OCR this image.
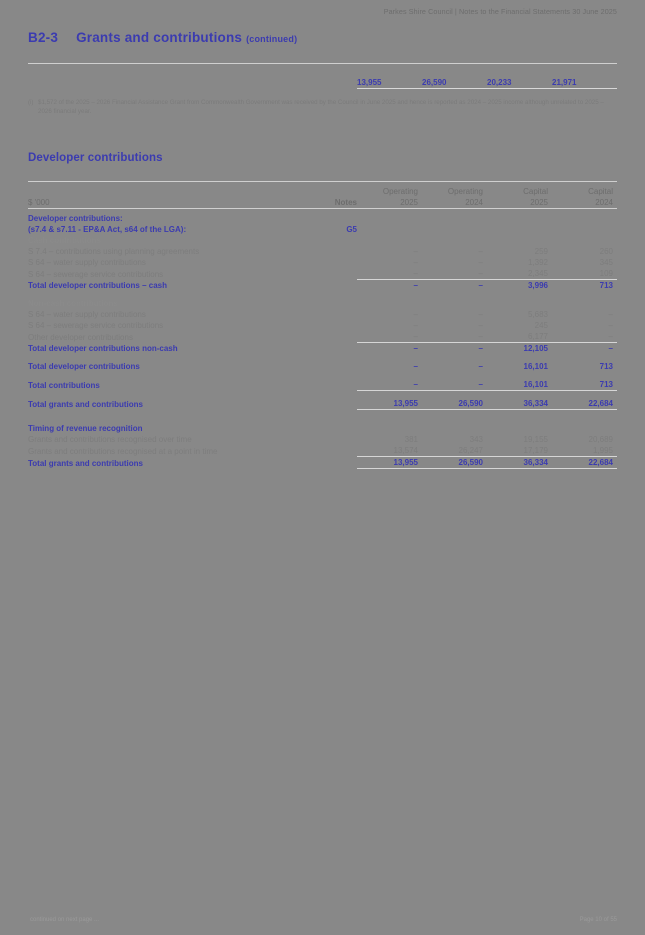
Parkes Shire Council | Notes to the Financial Statements 30 June 2025
B2-3 Grants and contributions (continued)

		13,955	26,590	20,233	21,971
(i) $1,572 of the 2025 – 2026 Financial Assistance Grant from Commonwealth Government was received by the Council in June 2025 and hence is reported as 2024 – 2025 income although unrelated to 2025 – 2026 financial year.
Developer contributions

		Operating	Operating	Capital	Capital
$ '000	Notes	2025	2024	2025	2024

Developer contributions:					
(s7.4 & s7.11 - EP&A Act, s64 of the LGA):	G5				
Cash contributions					
S 7.4 – contributions using planning agreements		–	–	259	260
S 64 – water supply contributions		–	–	1,392	345
S 64 – sewerage service contributions		–	–	2,345	109
Total developer contributions – cash		–	–	3,996	713

Non-cash contributions					
S 64 – water supply contributions		–	–	5,683	–
S 64 – sewerage service contributions		–	–	245	–
Other developer contributions		–	–	6,177	–
Total developer contributions non-cash		–	–	12,105	–

Total developer contributions		–	–	16,101	713

Total contributions		–	–	16,101	713

Total grants and contributions		13,955	26,590	36,334	22,684

Timing of revenue recognition					
Grants and contributions recognised over time		381	343	19,155	20,689
Grants and contributions recognised at a point in time		13,574	26,247	17,179	1,995
Total grants and contributions		13,955	26,590	36,334	22,684
continued on next page ...	Page 10 of 55
